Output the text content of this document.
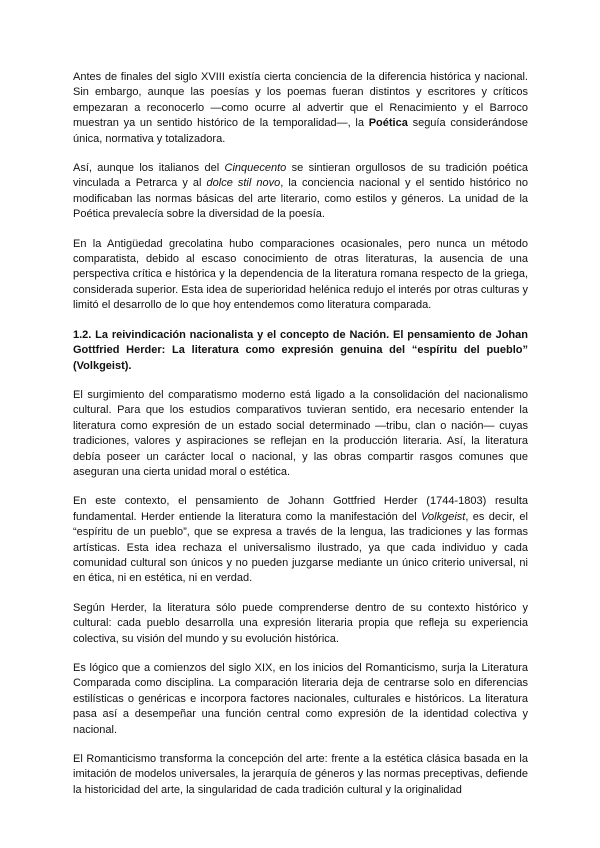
Antes de finales del siglo XVIII existía cierta conciencia de la diferencia histórica y nacional. Sin embargo, aunque las poesías y los poemas fueran distintos y escritores y críticos empezaran a reconocerlo —como ocurre al advertir que el Renacimiento y el Barroco muestran ya un sentido histórico de la temporalidad—, la Poética seguía considerándose única, normativa y totalizadora.

Así, aunque los italianos del Cinquecento se sintieran orgullosos de su tradición poética vinculada a Petrarca y al dolce stil novo, la conciencia nacional y el sentido histórico no modificaban las normas básicas del arte literario, como estilos y géneros. La unidad de la Poética prevalecía sobre la diversidad de la poesía.

En la Antigüedad grecolatina hubo comparaciones ocasionales, pero nunca un método comparatista, debido al escaso conocimiento de otras literaturas, la ausencia de una perspectiva crítica e histórica y la dependencia de la literatura romana respecto de la griega, considerada superior. Esta idea de superioridad helénica redujo el interés por otras culturas y limitó el desarrollo de lo que hoy entendemos como literatura comparada.

1.2. La reivindicación nacionalista y el concepto de Nación. El pensamiento de Johan Gottfried Herder: La literatura como expresión genuina del “espíritu del pueblo” (Volkgeist).

El surgimiento del comparatismo moderno está ligado a la consolidación del nacionalismo cultural. Para que los estudios comparativos tuvieran sentido, era necesario entender la literatura como expresión de un estado social determinado —tribu, clan o nación— cuyas tradiciones, valores y aspiraciones se reflejan en la producción literaria. Así, la literatura debía poseer un carácter local o nacional, y las obras compartir rasgos comunes que aseguran una cierta unidad moral o estética.

En este contexto, el pensamiento de Johann Gottfried Herder (1744-1803) resulta fundamental. Herder entiende la literatura como la manifestación del Volkgeist, es decir, el “espíritu de un pueblo”, que se expresa a través de la lengua, las tradiciones y las formas artísticas. Esta idea rechaza el universalismo ilustrado, ya que cada individuo y cada comunidad cultural son únicos y no pueden juzgarse mediante un único criterio universal, ni en ética, ni en estética, ni en verdad.

Según Herder, la literatura sólo puede comprenderse dentro de su contexto histórico y cultural: cada pueblo desarrolla una expresión literaria propia que refleja su experiencia colectiva, su visión del mundo y su evolución histórica.

Es lógico que a comienzos del siglo XIX, en los inicios del Romanticismo, surja la Literatura Comparada como disciplina. La comparación literaria deja de centrarse solo en diferencias estilísticas o genéricas e incorpora factores nacionales, culturales e históricos. La literatura pasa así a desempeñar una función central como expresión de la identidad colectiva y nacional.

El Romanticismo transforma la concepción del arte: frente a la estética clásica basada en la imitación de modelos universales, la jerarquía de géneros y las normas preceptivas, defiende la historicidad del arte, la singularidad de cada tradición cultural y la originalidad
